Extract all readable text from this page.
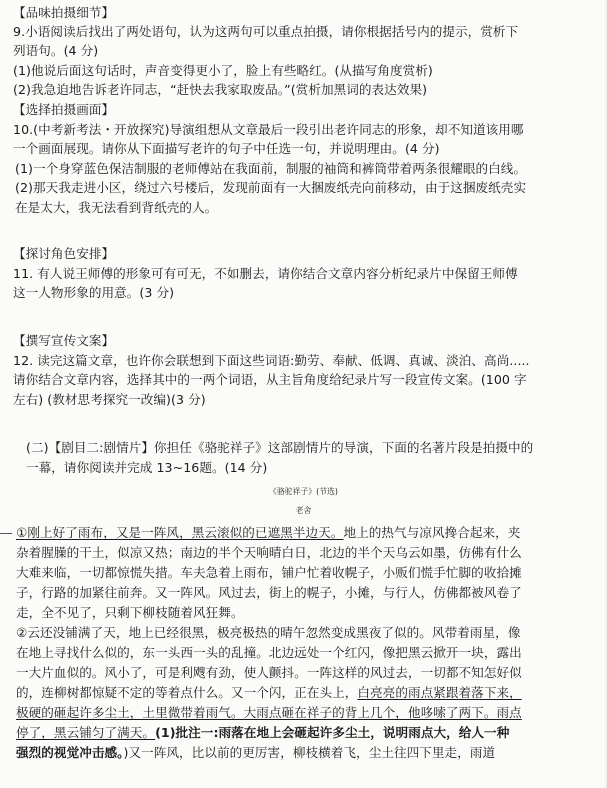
【品味拍摄细节】
9.小语阅读后找出了两处语句，认为这两句可以重点拍摄，请你根据括号内的提示，赏析下
列语句。(4 分)
(1)他说后面这句话时，声音变得更小了，脸上有些略红。(从描写角度赏析)
(2)我急迫地告诉老许同志，“赶快去我家取废品。”(赏析加黑词的表达效果)
【选择拍摄画面】
10.(中考新考法・开放探究)导演组想从文章最后一段引出老许同志的形象，却不知道该用哪
一个画面展现。请你从下面描写老许的句子中任选一句，并说明理由。(4 分)
(1)一个身穿蓝色保洁制服的老师傅站在我面前，制服的袖筒和裤筒带着两条很耀眼的白线。
(2)那天我走进小区，绕过六号楼后，发现前面有一大捆废纸壳向前移动，由于这捆废纸壳实
在是太大，我无法看到背纸壳的人。
【探讨角色安排】
11. 有人说王师傅的形象可有可无，不如删去，请你结合文章内容分析纪录片中保留王师傅
这一人物形象的用意。(3 分)
【撰写宣传文案】
12. 读完这篇文章，也许你会联想到下面这些词语:勤劳、奉献、低调、真诚、淡泊、高尚.....
请你结合文章内容，选择其中的一两个词语，从主旨角度给纪录片写一段宣传文案。(100 字
左右) (教材思考探究一改编)(3 分)
(二)【剧目二:剧情片】你担任《骆驼祥子》这部剧情片的导演，下面的名著片段是拍摄中的
一幕，请你阅读并完成 13~16题。(14 分)
《骆驼祥子》(节选)
老舍
①刚上好了雨布，又是一阵风，黑云滚似的已遮黑半边天。地上的热气与凉风搀合起来，夹
杂着腥臊的干土，似凉又热；南边的半个天响晴白日，北边的半个天乌云如墨，仿佛有什么
大难来临，一切都惊慌失措。车夫急着上雨布，铺户忙着收幌子，小贩们慌手忙脚的收拾摊
子，行路的加紧往前奔。又一阵风。风过去，街上的幌子，小摊，与行人，仿佛都被风卷了
走，全不见了，只剩下柳枝随着风狂舞。
②云还没铺满了天，地上已经很黑，极亮极热的晴午忽然变成黑夜了似的。风带着雨星，像
在地上寻找什么似的，东一头西一头的乱撞。北边远处一个红闪，像把黑云掀开一块，露出
一大片血似的。风小了，可是利飕有劲，使人颤抖。一阵这样的风过去，一切都不知怎好似
的，连柳树都惊疑不定的等着点什么。又一个闪，正在头上，白亮亮的雨点紧跟着落下来，
极硬的砸起许多尘土，土里微带着雨气。大雨点砸在祥子的背上几个，他哆嗦了两下。雨点
停了，黑云铺匀了满天。(1)批注一:雨落在地上会砸起许多尘土，说明雨点大，给人一种
强烈的视觉冲击感。)又一阵风，比以前的更厉害，柳枝横着飞，尘土往四下里走，雨道
